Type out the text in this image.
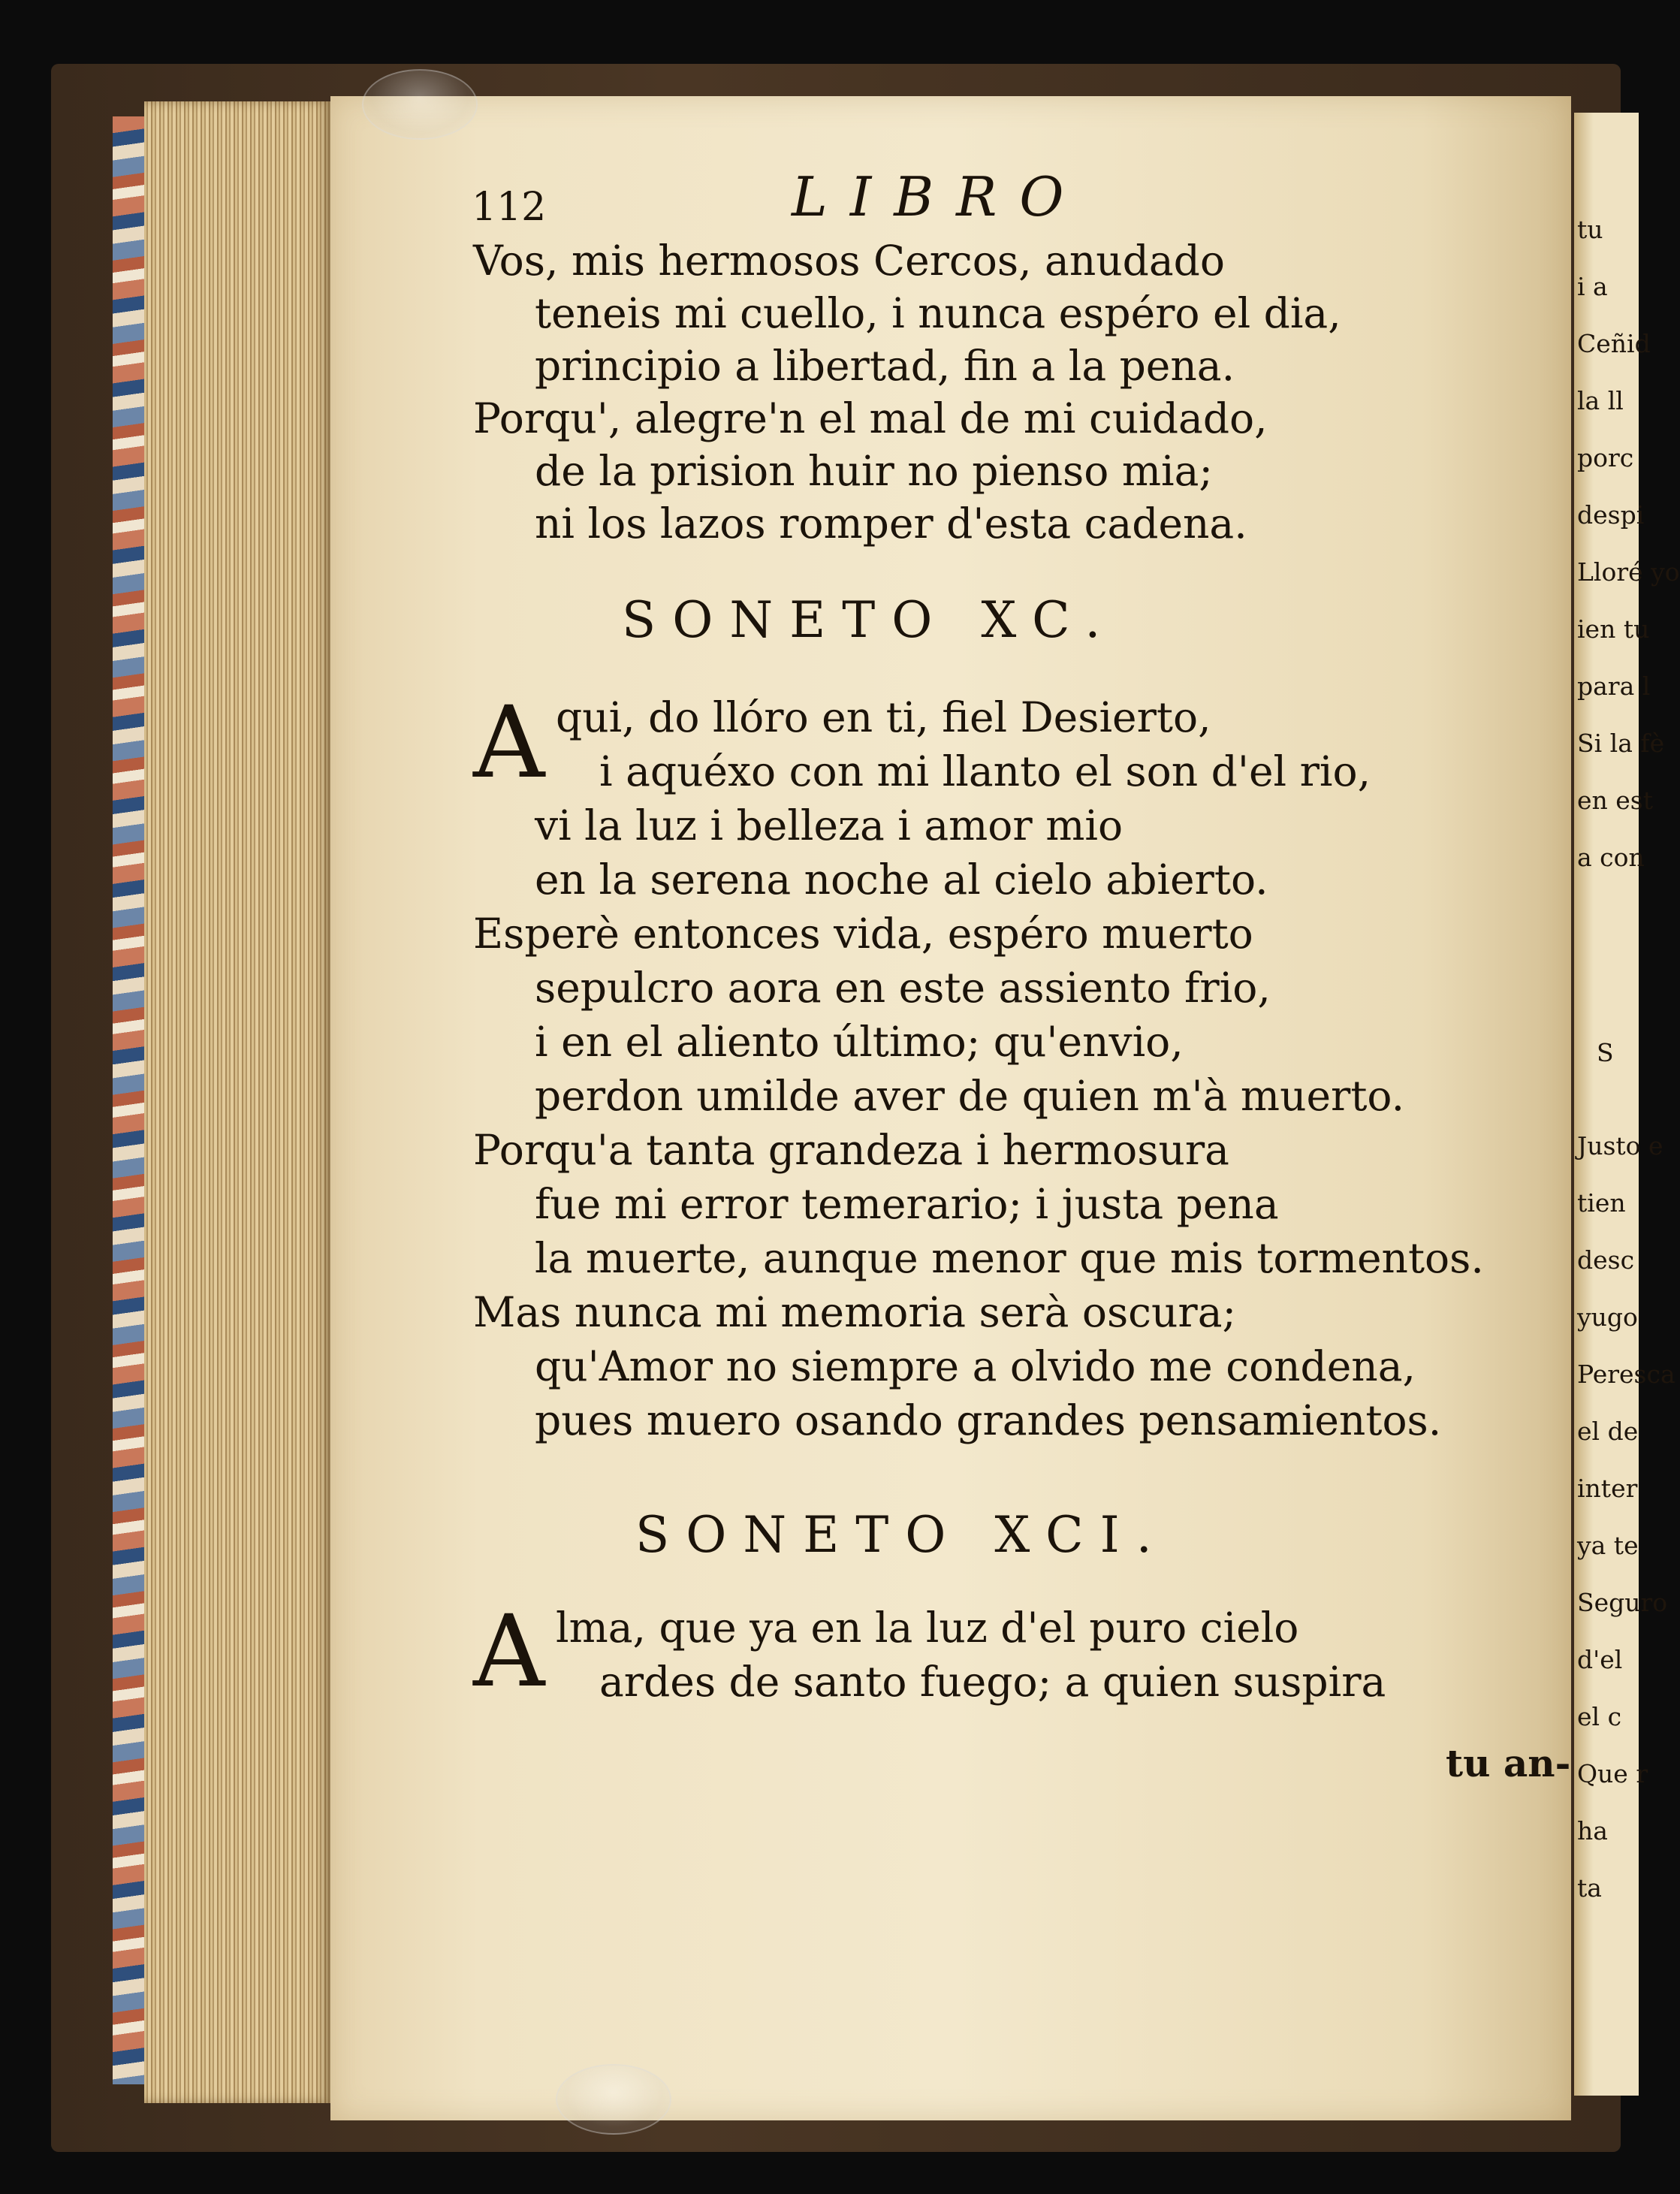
112	LIBRO
Vos, mis hermosos Cercos, anudado
teneis mi cuello, i nunca espéro el dia,
principio a libertad, fin a la pena.
Porqu', alegre'n el mal de mi cuidado,
de la prision huir no pienso mia;
ni los lazos romper d'esta cadena.
SONETO XC.
A qui, do llóro en ti, fiel Desierto,
i aquéxo con mi llanto el son d'el rio,
vi la luz i belleza i amor mio
en la serena noche al cielo abierto.
Esperè entonces vida, espéro muerto
sepulcro aora en este assiento frio,
i en el aliento último; qu'envio,
perdon umilde aver de quien m'à muerto.
Porqu'a tanta grandeza i hermosura
fue mi error temerario; i justa pena
la muerte, aunque menor que mis tormentos.
Mas nunca mi memoria serà oscura;
qu'Amor no siempre a olvido me condena,
pues muero osando grandes pensamientos.
SONETO XCI.
A lma, que ya en la luz d'el puro cielo
ardes de santo fuego; a quien suspira
tu an-
tu
i a
Ceñid
la ll
porc
despi
Lloré yo
ien tu
para l
Si la fè
en est
a con
S
Justo e
tien
desc
yugo
Peresca
el de
inter
ya te
Seguro
d'el
el c
Que r
ha
ta
